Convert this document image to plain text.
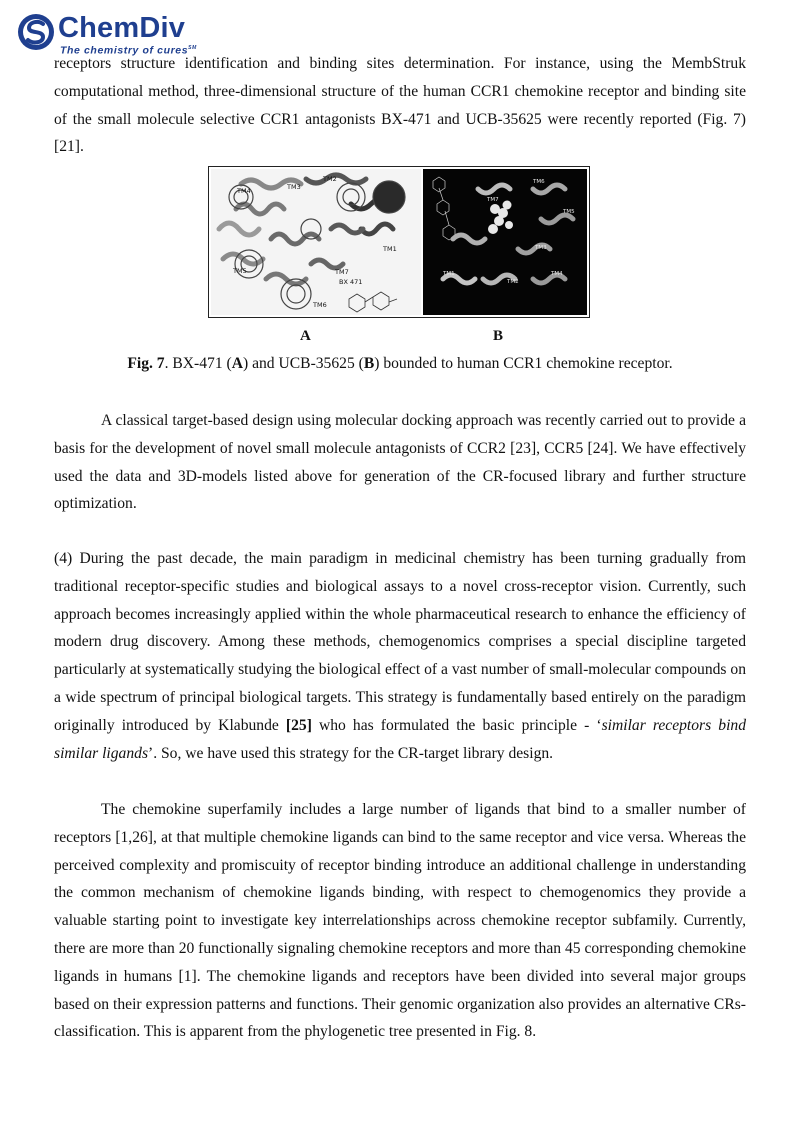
ChemDiv
The chemistry of cures℠

receptors structure identification and binding sites determination. For instance, using the MembStruk computational method, three-dimensional structure of the human CCR1 chemokine receptor and binding site of the small molecule selective CCR1 antagonists BX-471 and UCB-35625 were recently reported (Fig. 7) [21].

TM4	TM3
TM2
TM1
TM5	TM7
BX 471
TM6
TM7
TM6
TM5
TM3
TM1
TM2
TM4
A	B

Fig. 7. BX-471 (A) and UCB-35625 (B) bounded to human CCR1 chemokine receptor.

A classical target-based design using molecular docking approach was recently carried out to provide a basis for the development of novel small molecule antagonists of CCR2 [23], CCR5 [24]. We have effectively used the data and 3D-models listed above for generation of the CR-focused library and further structure optimization.

(4) During the past decade, the main paradigm in medicinal chemistry has been turning gradually from traditional receptor-specific studies and biological assays to a novel cross-receptor vision. Currently, such approach becomes increasingly applied within the whole pharmaceutical research to enhance the efficiency of modern drug discovery. Among these methods, chemogenomics comprises a special discipline targeted particularly at systematically studying the biological effect of a vast number of small-molecular compounds on a wide spectrum of principal biological targets. This strategy is fundamentally based entirely on the paradigm originally introduced by Klabunde [25] who has formulated the basic principle - ‘similar receptors bind similar ligands’. So, we have used this strategy for the CR-target library design.

The chemokine superfamily includes a large number of ligands that bind to a smaller number of receptors [1,26], at that multiple chemokine ligands can bind to the same receptor and vice versa. Whereas the perceived complexity and promiscuity of receptor binding introduce an additional challenge in understanding the common mechanism of chemokine ligands binding, with respect to chemogenomics they provide a valuable starting point to investigate key interrelationships across chemokine receptor subfamily. Currently, there are more than 20 functionally signaling chemokine receptors and more than 45 corresponding chemokine ligands in humans [1]. The chemokine ligands and receptors have been divided into several major groups based on their expression patterns and functions. Their genomic organization also provides an alternative CRs-classification. This is apparent from the phylogenetic tree presented in Fig. 8.
